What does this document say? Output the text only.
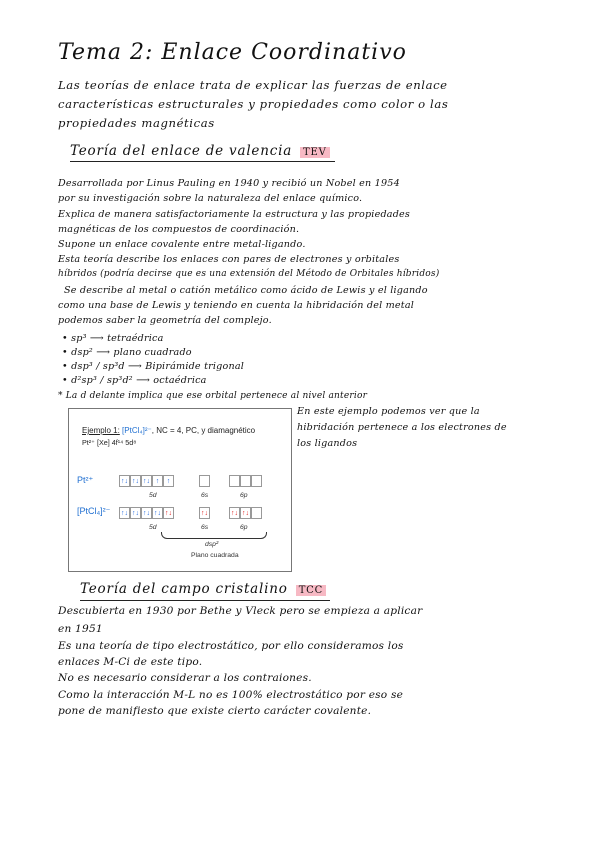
Tema 2: Enlace Coordinativo
Las teorías de enlace trata de explicar las fuerzas de enlace
características estructurales y propiedades como color o las
propiedades magnéticas
Teoría del enlace de valencia TEV
Desarrollada por Linus Pauling en 1940 y recibió un Nobel en 1954
por su investigación sobre la naturaleza del enlace químico.
Explica de manera satisfactoriamente la estructura y las propiedades
magnéticas de los compuestos de coordinación.
Supone un enlace covalente entre metal-ligando.
Esta teoría describe los enlaces con pares de electrones y orbitales
híbridos (podría decirse que es una extensión del Método de Orbitales híbridos)
Se describe al metal o catión metálico como ácido de Lewis y el ligando
como una base de Lewis y teniendo en cuenta la hibridación del metal
podemos saber la geometría del complejo.
• sp³ ⟶ tetraédrica
• dsp² ⟶ plano cuadrado
• dsp³ / sp³d ⟶ Bipirámide trigonal
• d²sp³ / sp³d² ⟶ octaédrica
* La d delante implica que ese orbital pertenece al nivel anterior
En este ejemplo podemos ver que la
hibridación pertenece a los electrones de
los ligandos
Ejemplo 1: [PtCl₄]²⁻, NC = 4, PC, y diamagnético
Pt²⁺ [Xe] 4f¹⁴ 5d⁸
Pt²⁺	↑↓ ↑↓ ↑↓ ↑	↑
5d	6s	6p
[PtCl₄]²⁻ ↑↓ ↑↓ ↑↓ ↑↓ ↑↓	↑↓	↑↓ ↑↓
5d	6s	6p
dsp²
Plano cuadrada
Teoría del campo cristalino TCC
Descubierta en 1930 por Bethe y Vleck pero se empieza a aplicar
en 1951
Es una teoría de tipo electrostático, por ello consideramos los
enlaces M-Ci de este tipo.
No es necesario considerar a los contraiones.
Como la interacción M-L no es 100% electrostático por eso se
pone de manifiesto que existe cierto carácter covalente.
